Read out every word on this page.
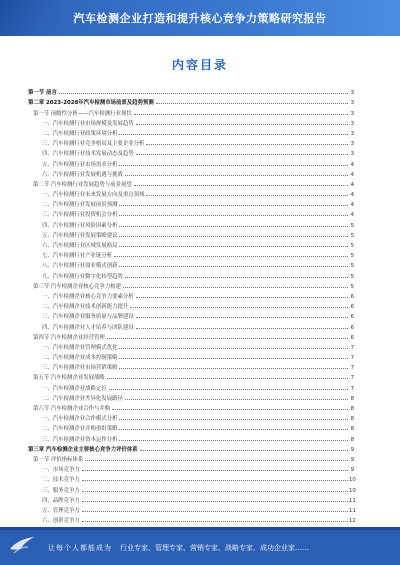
汽车检测企业打造和提升核心竞争力策略研究报告
内容目录
第一节 前言	3
第二章 2023-2028年汽车检测市场前景及趋势预测	3
第一节 前瞻性分析——汽车检测行业现状	3
一、汽车检测行业市场规模及发展趋势	3
二、汽车检测行业政策环境分析	3
三、汽车检测行业竞争格局及主要企业分析	3
四、汽车检测行业技术发展动态及趋势	3
五、汽车检测行业市场需求分析	4
六、汽车检测行业发展机遇与挑战	4
第二节 汽车检测行业发展趋势与前景展望	4
一、汽车检测行业未来发展方向及重点领域	4
二、汽车检测行业发展前景预测	4
三、汽车检测行业投资机会分析	4
四、汽车检测行业风险因素分析	5
五、汽车检测行业发展策略建议	5
六、汽车检测行业区域发展格局	5
七、汽车检测行业产业链分析	5
八、汽车检测行业商业模式创新	5
九、汽车检测行业数字化转型趋势	5
第三节 汽车检测企业核心竞争力构建	5
一、汽车检测企业核心竞争力要素分析	6
二、汽车检测企业技术创新能力提升	6
三、汽车检测企业服务质量与品牌建设	6
四、汽车检测企业人才培养与团队建设	6
第四节 汽车检测企业经营管理	6
一、汽车检测企业管理模式优化	7
二、汽车检测企业成本控制策略	7
三、汽车检测企业市场营销策略	7
第五节 汽车检测企业发展战略	7
一、汽车检测企业战略定位	7
二、汽车检测企业差异化发展路径	8
第六节 汽车检测企业合作与并购	8
一、汽车检测企业合作模式分析	8
二、汽车检测企业并购重组策略	8
三、汽车检测企业资本运作分析	8
第三章 汽车检测企业主要核心竞争力评价体系	9
第一节 评价指标体系	9
一、市场竞争力	9
二、技术竞争力	10
三、服务竞争力	10
四、品牌竞争力	11
五、管理竞争力	11
六、创新竞争力	12
让每个人都能成为 行业专家、管理专家、营销专家、战略专家、成功企业家……
